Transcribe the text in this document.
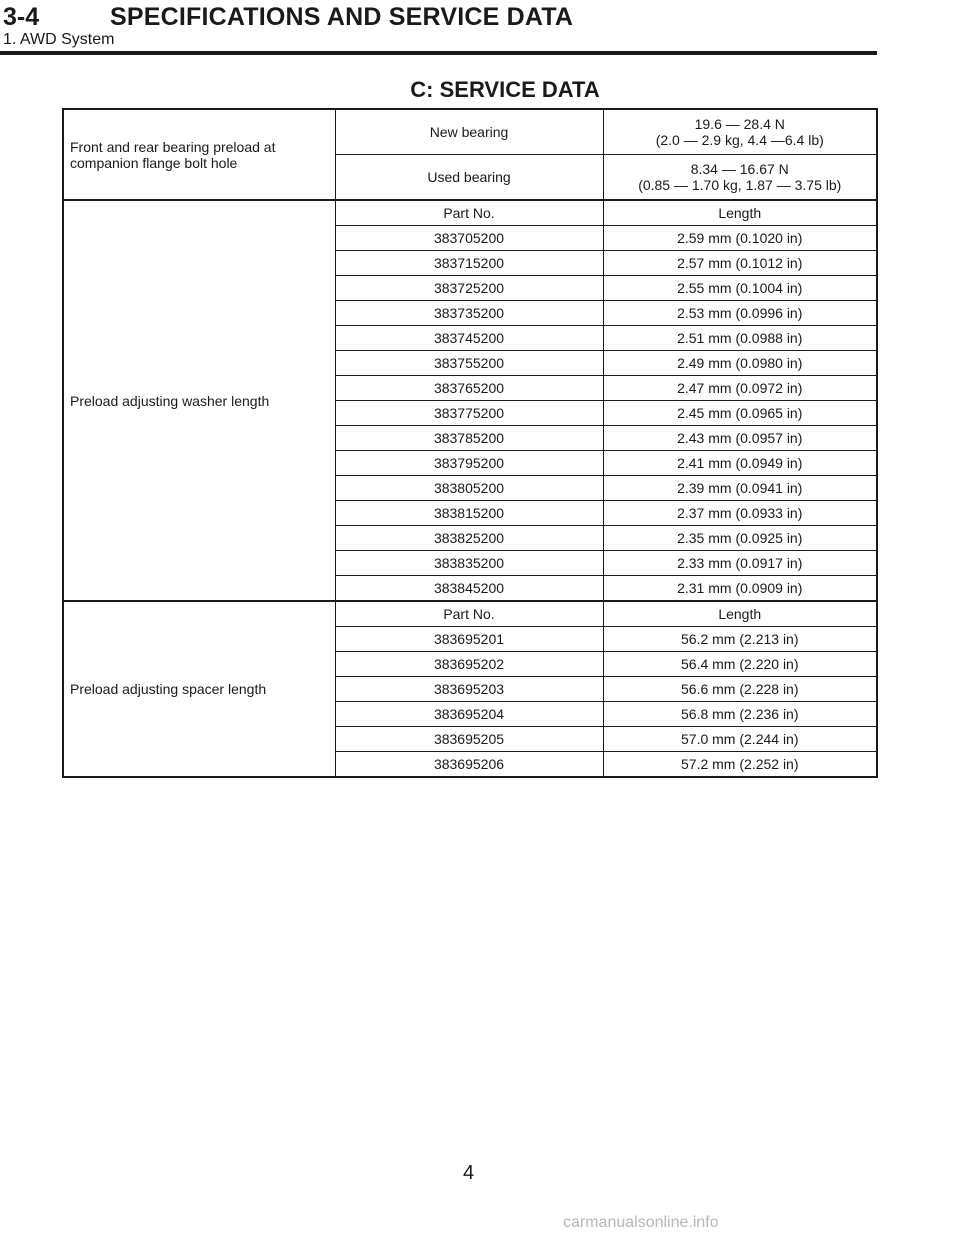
3-4	SPECIFICATIONS AND SERVICE DATA
1. AWD System
C: SERVICE DATA
Front and rear bearing preload at
companion flange bolt hole	New bearing	19.6 — 28.4 N
(2.0 — 2.9 kg, 4.4 —6.4 lb)
	Used bearing	8.34 — 16.67 N
(0.85 — 1.70 kg, 1.87 — 3.75 lb)
Preload adjusting washer length	Part No.	Length
	383705200	2.59 mm (0.1020 in)
	383715200	2.57 mm (0.1012 in)
	383725200	2.55 mm (0.1004 in)
	383735200	2.53 mm (0.0996 in)
	383745200	2.51 mm (0.0988 in)
	383755200	2.49 mm (0.0980 in)
	383765200	2.47 mm (0.0972 in)
	383775200	2.45 mm (0.0965 in)
	383785200	2.43 mm (0.0957 in)
	383795200	2.41 mm (0.0949 in)
	383805200	2.39 mm (0.0941 in)
	383815200	2.37 mm (0.0933 in)
	383825200	2.35 mm (0.0925 in)
	383835200	2.33 mm (0.0917 in)
	383845200	2.31 mm (0.0909 in)
Preload adjusting spacer length	Part No.	Length
	383695201	56.2 mm (2.213 in)
	383695202	56.4 mm (2.220 in)
	383695203	56.6 mm (2.228 in)
	383695204	56.8 mm (2.236 in)
	383695205	57.0 mm (2.244 in)
	383695206	57.2 mm (2.252 in)
4
carmanualsonline.info
